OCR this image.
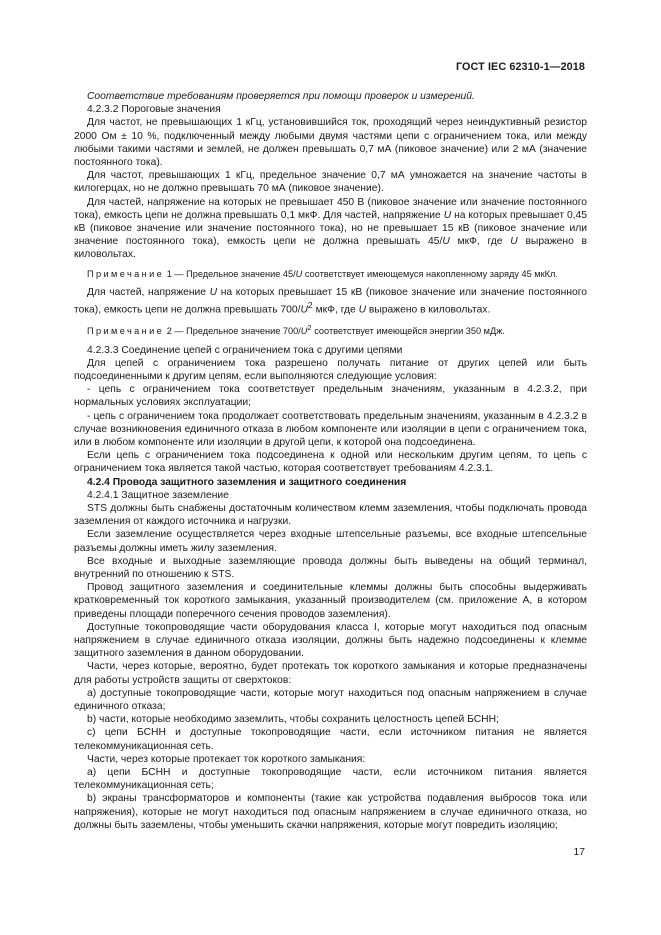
ГОСТ IEC 62310-1—2018

Соответствие требованиям проверяется при помощи проверок и измерений.

4.2.3.2 Пороговые значения

Для частот, не превышающих 1 кГц, установившийся ток, проходящий через неиндуктивный резистор 2000 Ом ± 10 %, подключенный между любыми двумя частями цепи с ограничением тока, или между любыми такими частями и землей, не должен превышать 0,7 мА (пиковое значение) или 2 мА (значение постоянного тока).

Для частот, превышающих 1 кГц, предельное значение 0,7 мА умножается на значение частоты в килогерцах, но не должно превышать 70 мА (пиковое значение).

Для частей, напряжение на которых не превышает 450 В (пиковое значение или значение постоянного тока), емкость цепи не должна превышать 0,1 мкФ. Для частей, напряжение U на которых превышает 0,45 кВ (пиковое значение или значение постоянного тока), но не превышает 15 кВ (пиковое значение или значение постоянного тока), емкость цепи не должна превышать 45/U мкФ, где U выражено в киловольтах.

Примечание 1 — Предельное значение 45/U соответствует имеющемуся накопленному заряду 45 мкКл.

Для частей, напряжение U на которых превышает 15 кВ (пиковое значение или значение постоянного тока), емкость цепи не должна превышать $700/U^2$ мкФ, где U выражено в киловольтах.

Примечание 2 — Предельное значение $700/U^2$ соответствует имеющейся энергии 350 мДж.

4.2.3.3 Соединение цепей с ограничением тока с другими цепями

Для цепей с ограничением тока разрешено получать питание от других цепей или быть подсоединенными к другим цепям, если выполняются следующие условия:

- цепь с ограничением тока соответствует предельным значениям, указанным в 4.2.3.2, при нормальных условиях эксплуатации;

- цепь с ограничением тока продолжает соответствовать предельным значениям, указанным в 4.2.3.2 в случае возникновения единичного отказа в любом компоненте или изоляции в цепи с ограничением тока, или в любом компоненте или изоляции в другой цепи, к которой она подсоединена.

Если цепь с ограничением тока подсоединена к одной или нескольким другим цепям, то цепь с ограничением тока является такой частью, которая соответствует требованиям 4.2.3.1.

4.2.4 Провода защитного заземления и защитного соединения

4.2.4.1 Защитное заземление

STS должны быть снабжены достаточным количеством клемм заземления, чтобы подключать провода заземления от каждого источника и нагрузки.

Если заземление осуществляется через входные штепсельные разъемы, все входные штепсельные разъемы должны иметь жилу заземления.

Все входные и выходные заземляющие провода должны быть выведены на общий терминал, внутренний по отношению к STS.

Провод защитного заземления и соединительные клеммы должны быть способны выдерживать кратковременный ток короткого замыкания, указанный производителем (см. приложение А, в котором приведены площади поперечного сечения проводов заземления).

Доступные токопроводящие части оборудования класса I, которые могут находиться под опасным напряжением в случае единичного отказа изоляции, должны быть надежно подсоединены к клемме защитного заземления в данном оборудовании.

Части, через которые, вероятно, будет протекать ток короткого замыкания и которые предназначены для работы устройств защиты от сверхтоков:

a) доступные токопроводящие части, которые могут находиться под опасным напряжением в случае единичного отказа;

b) части, которые необходимо заземлить, чтобы сохранить целостность цепей БСНН;

c) цепи БСНН и доступные токопроводящие части, если источником питания не является телекоммуникационная сеть.

Части, через которые протекает ток короткого замыкания:

a) цепи БСНН и доступные токопроводящие части, если источником питания является телекоммуникационная сеть;

b) экраны трансформаторов и компоненты (такие как устройства подавления выбросов тока или напряжения), которые не могут находиться под опасным напряжением в случае единичного отказа, но должны быть заземлены, чтобы уменьшить скачки напряжения, которые могут повредить изоляцию;

17
